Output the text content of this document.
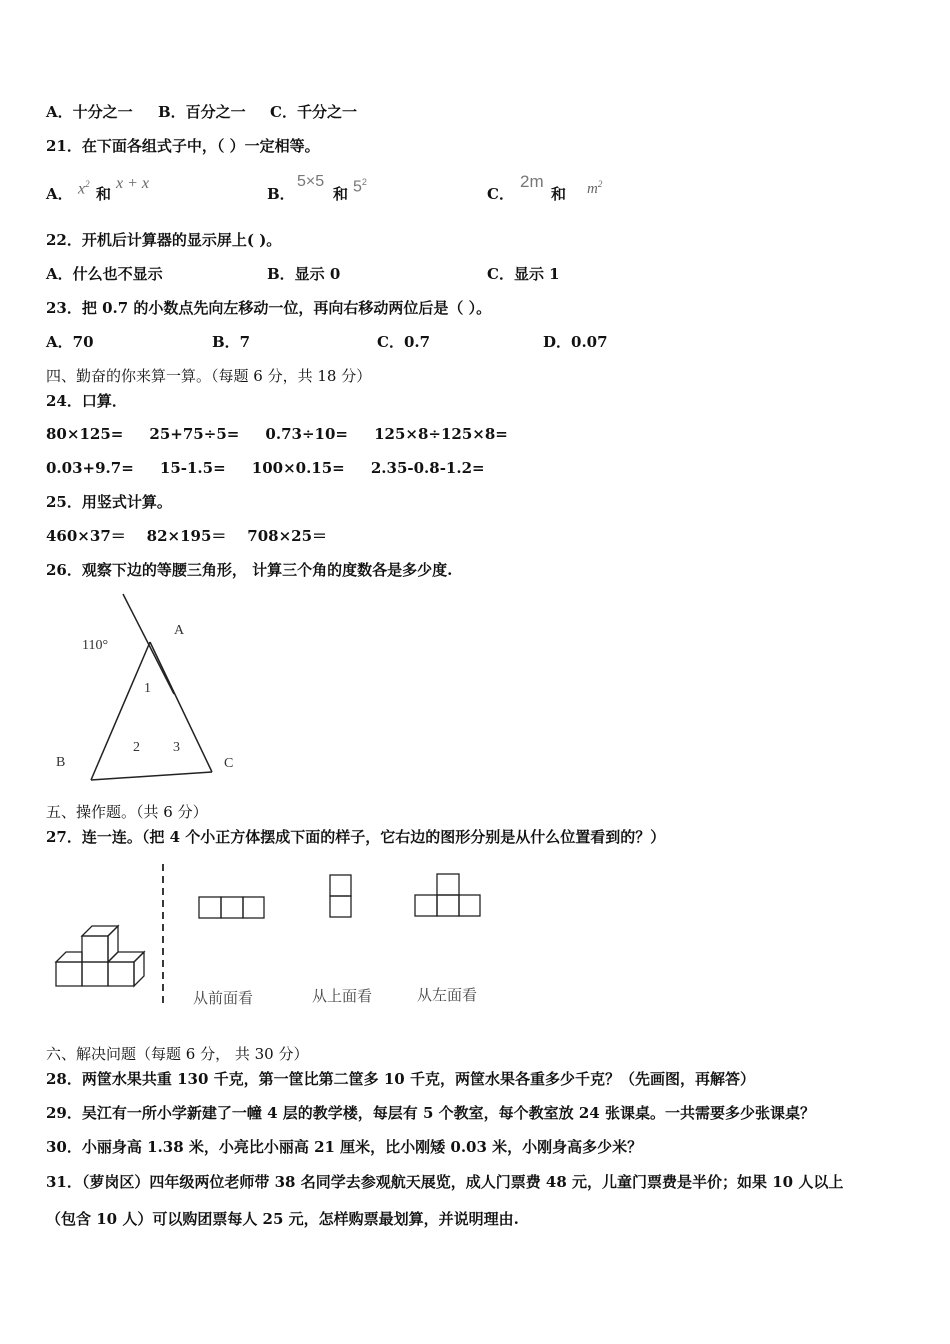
A．十分之一 B．百分之一 C．千分之一
21．在下面各组式子中，（ ）一定相等。
A． $x^2$
和
x + x
B．
5×5
和 $5^2$
C．
2m
和 $m^2$
22．开机后计算器的显示屏上( )。
A．什么也不显示	B．显示 0	C．显示 1
23．把 0.7 的小数点先向左移动一位，再向右移动两位后是（ ）。
A．70	B．7	C．0.7	D．0.07
四、勤奋的你来算一算。（每题 6 分，共 18 分）
24．口算．
80×125=     25+75÷5=     0.73÷10=     125×8÷125×8=
0.03+9.7=     15-1.5=     100×0.15=     2.35-0.8-1.2=
25．用竖式计算。
460×37＝    82×195＝    708×25＝
26．观察下边的等腰三角形， 计算三个角的度数各是多少度.
110°
A
B	C
1
2 3
五、操作题。（共 6 分）
27．连一连。（把 4 个小正方体摆成下面的样子，它右边的图形分别是从什么位置看到的？）
从前面看	从上面看	从左面看
六、解决问题（每题 6 分， 共 30 分）
28．两筐水果共重 130 千克，第一筐比第二筐多 10 千克，两筐水果各重多少千克？（先画图，再解答）
29．吴江有一所小学新建了一幢 4 层的教学楼，每层有 5 个教室，每个教室放 24 张课桌。一共需要多少张课桌？
30．小丽身高 1.38 米，小亮比小丽高 21 厘米，比小刚矮 0.03 米，小刚身高多少米？
31．（萝岗区）四年级两位老师带 38 名同学去参观航天展览，成人门票费 48 元，儿童门票费是半价；如果 10 人以上
（包含 10 人）可以购团票每人 25 元，怎样购票最划算，并说明理由.
